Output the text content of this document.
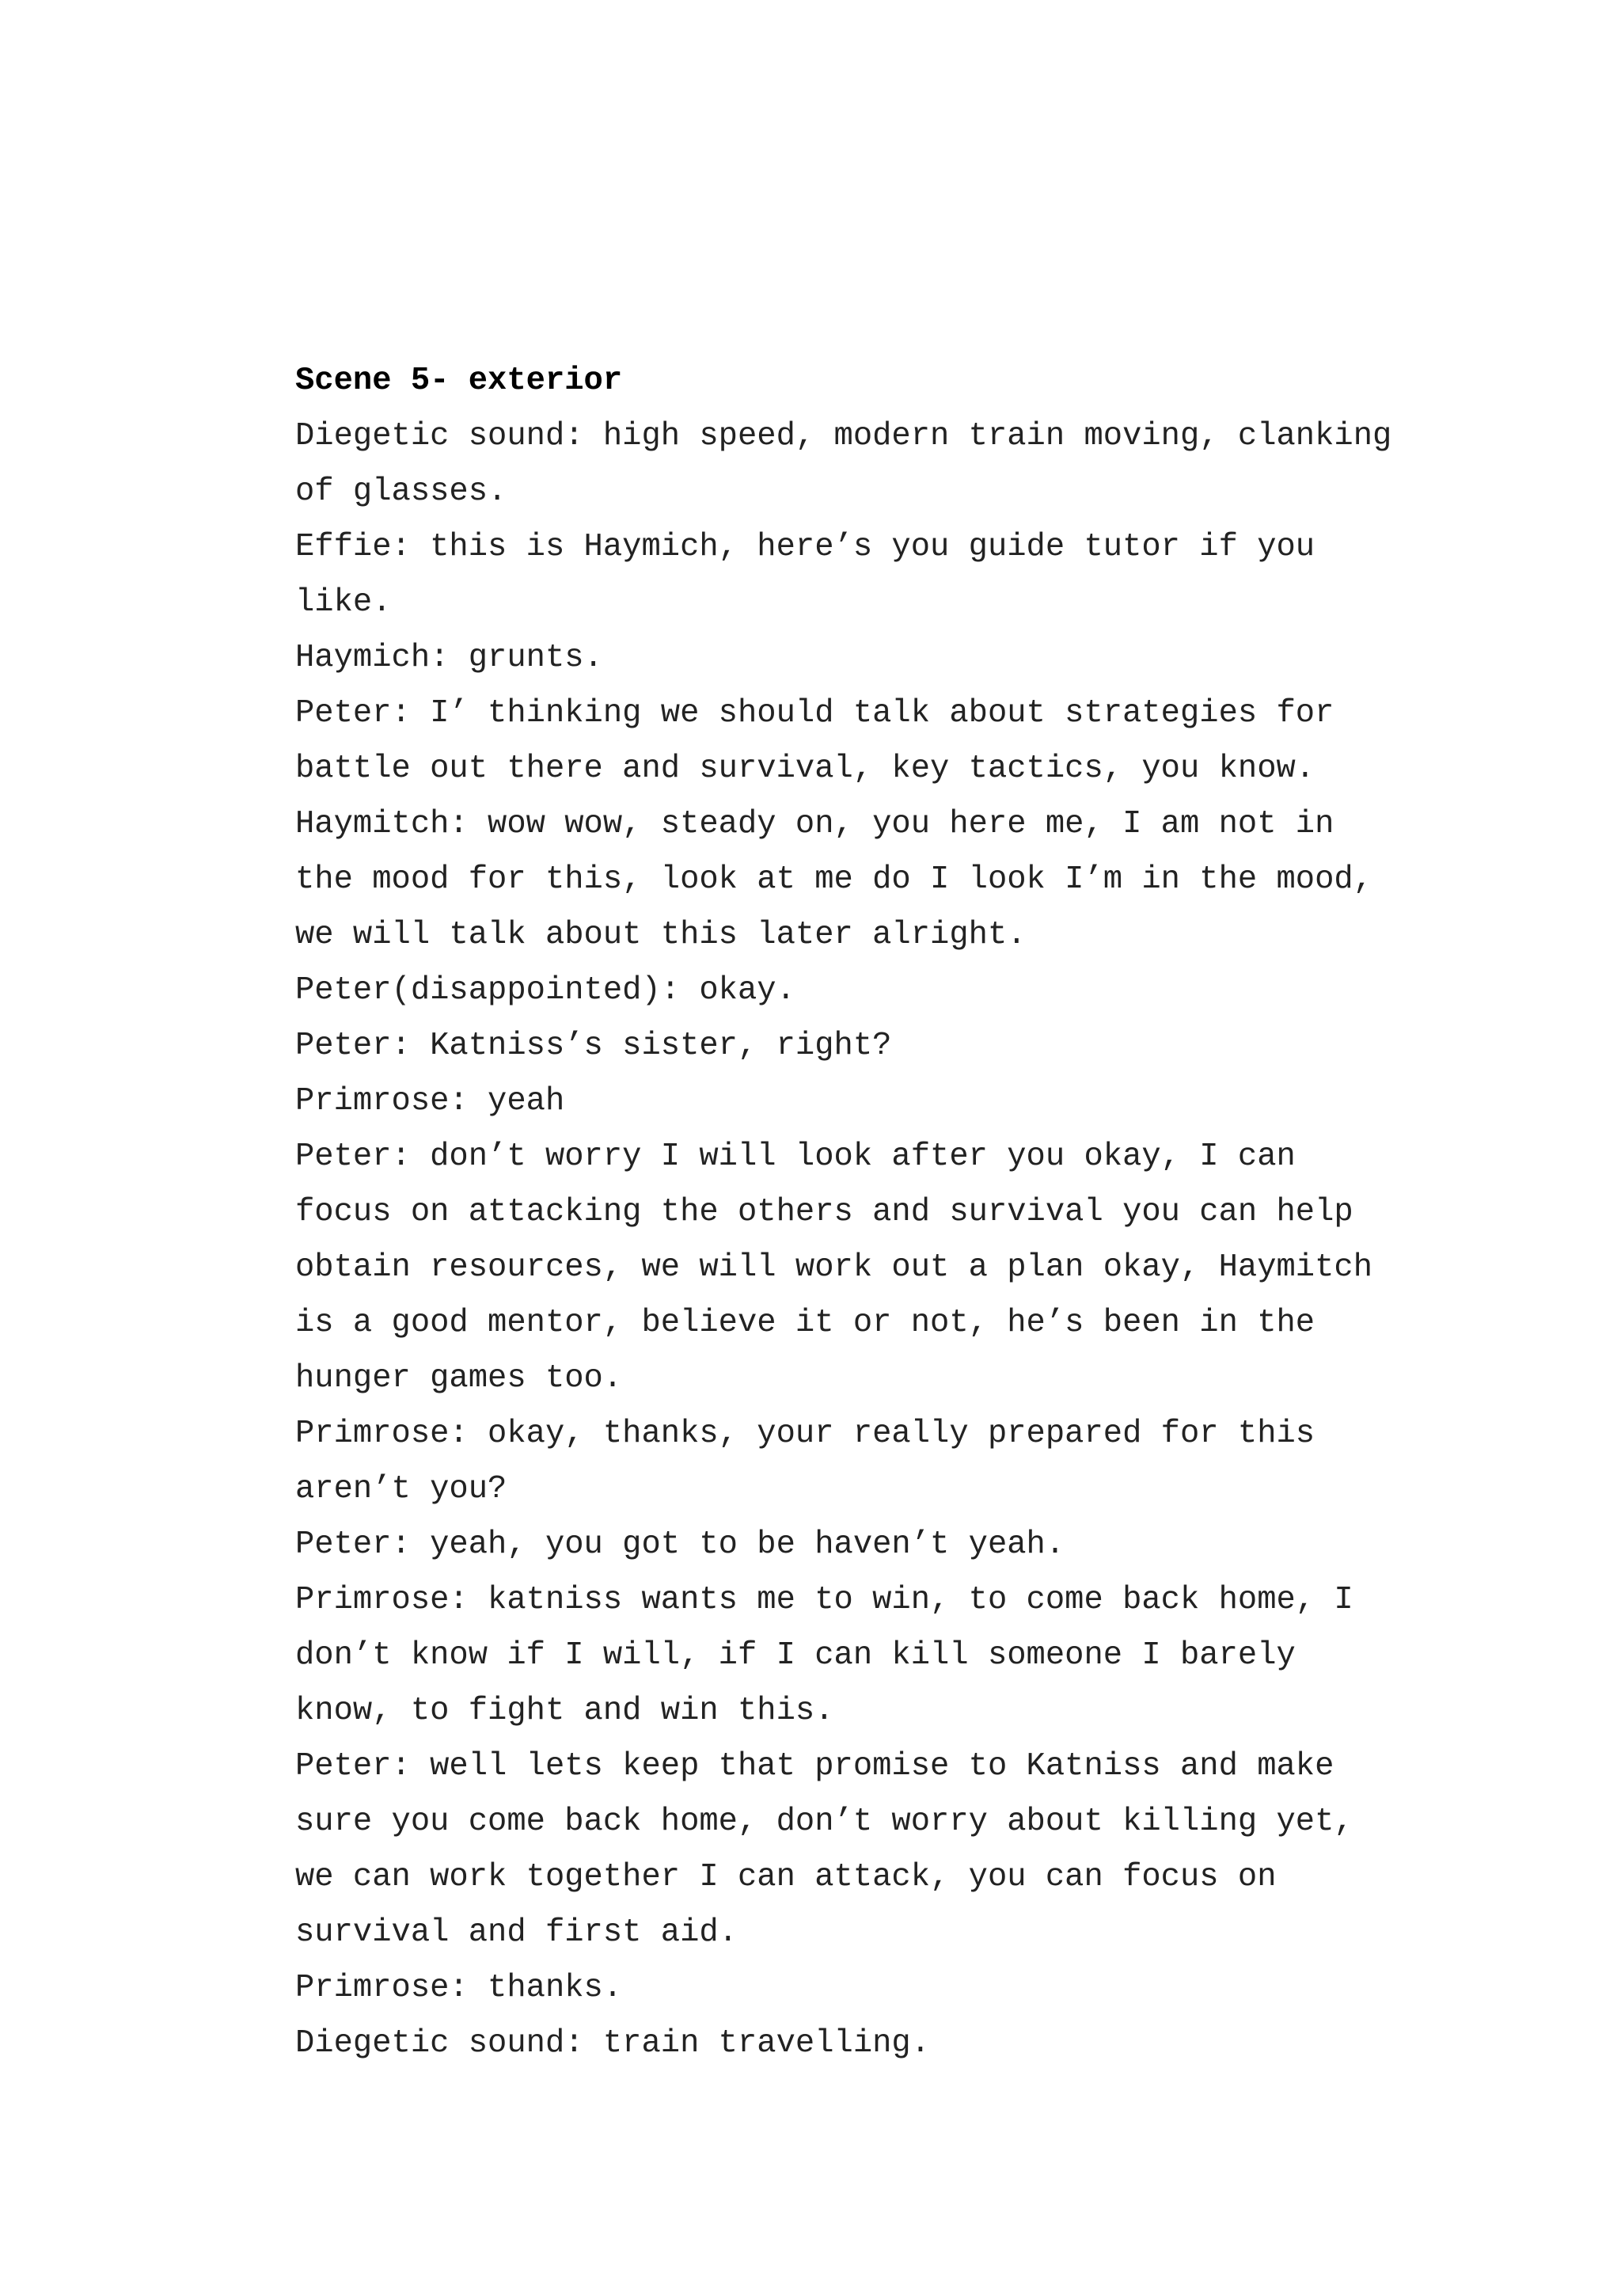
Scene 5- exterior
Diegetic sound: high speed, modern train moving, clanking
of glasses.
Effie: this is Haymich, here’s you guide tutor if you
like.
Haymich: grunts.
Peter: I’ thinking we should talk about strategies for
battle out there and survival, key tactics, you know.
Haymitch: wow wow, steady on, you here me, I am not in
the mood for this, look at me do I look I’m in the mood,
we will talk about this later alright.
Peter(disappointed): okay.
Peter: Katniss’s sister, right?
Primrose: yeah
Peter: don’t worry I will look after you okay, I can
focus on attacking the others and survival you can help
obtain resources, we will work out a plan okay, Haymitch
is a good mentor, believe it or not, he’s been in the
hunger games too.
Primrose: okay, thanks, your really prepared for this
aren’t you?
Peter: yeah, you got to be haven’t yeah.
Primrose: katniss wants me to win, to come back home, I
don’t know if I will, if I can kill someone I barely
know, to fight and win this.
Peter: well lets keep that promise to Katniss and make
sure you come back home, don’t worry about killing yet,
we can work together I can attack, you can focus on
survival and first aid.
Primrose: thanks.
Diegetic sound: train travelling.
